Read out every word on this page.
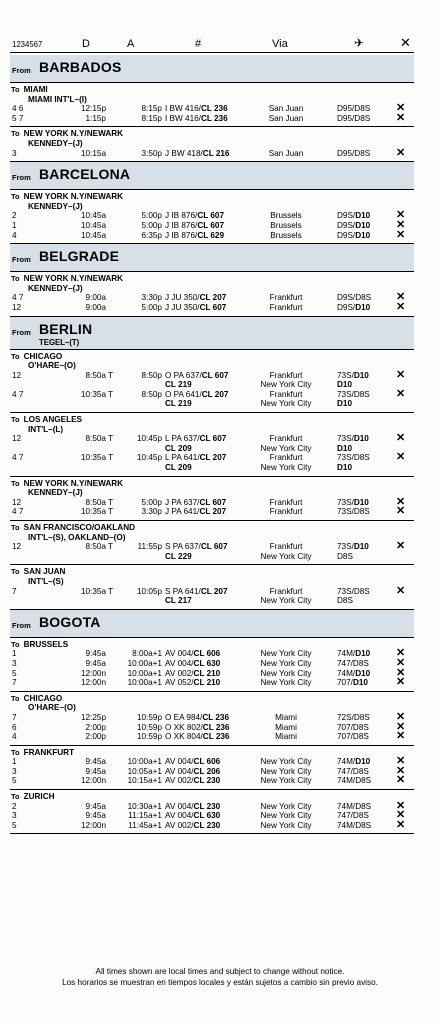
1234567	D	A	#	Via	✈	✕
From BARBADOS
To MIAMI
MIAMI INT'L–(I)
4 6	12:15p	8:15p I BW 416/CL 236	San Juan	D95/D8S ✕
5 7	1:15p	8:15p I BW 416/CL 236	San Juan	D95/D8S ✕
To NEW YORK N.Y/NEWARK
KENNEDY–(J)
3	10:15a	3:50p J BW 418/CL 216	San Juan	D95/D8S ✕
From BARCELONA
To NEW YORK N.Y/NEWARK
KENNEDY–(J)
2	10:45a	5:00p J IB 876/CL 607	Brussels	D9S/D10 ✕
1	10:45a	5:00p J IB 876/CL 607	Brussels	D9S/D10 ✕
4	10:45a	6:35p J IB 876/CL 629	Brussels	D9S/D10 ✕
From BELGRADE
To NEW YORK N.Y/NEWARK
KENNEDY–(J)
4 7	9:00a	3:30p J JU 350/CL 207	Frankfurt	D9S/D8S ✕
12	9:00a	5:00p J JU 350/CL 607	Frankfurt	D9S/D10 ✕
From BERLIN
TEGEL–(T)
To CHICAGO
O'HARE–(O)
12	8:50a T	8:50p O PA 637/CL 607	Frankfurt	73S/D10 ✕
CL 219	New York City	D10
4 7	10:35a T	8:50p O PA 641/CL 207	Frankfurt	73S/D8S ✕
CL 219	New York City	D10
To LOS ANGELES
INT'L–(L)
12	8:50a T	10:45p L PA 637/CL 607	Frankfurt	73S/D10 ✕
CL 209	New York City	D10
4 7	10:35a T	10:45p L PA 641/CL 207	Frankfurt	73S/D8S ✕
CL 209	New York City	D10
To NEW YORK N.Y/NEWARK
KENNEDY–(J)
12	8:50a T	5:00p J PA 637/CL 607	Frankfurt	73S/D10 ✕
4 7	10:35a T	3:30p J PA 641/CL 207	Frankfurt	73S/D8S ✕
To SAN FRANCISCO/OAKLAND
INT'L–(S), OAKLAND–(O)
12	8:50a T	11:55p S PA 637/CL 607	Frankfurt	73S/D10 ✕
CL 229	New York City	D8S
To SAN JUAN
INT'L–(S)
7	10:35a T	10:05p S PA 641/CL 207	Frankfurt	73S/D8S ✕
CL 217	New York City	D8S
From BOGOTA
To BRUSSELS
1	9:45a	8:00a+1 AV 004/CL 606	New York City	74M/D10 ✕
3	9:45a	10:00a+1 AV 004/CL 630	New York City	747/D8S ✕
5	12:00n	10:00a+1 AV 002/CL 210	New York City	74M/D10 ✕
7	12:00n	10:00a+1 AV 052/CL 210	New York City	707/D10	✕
To CHICAGO
O'HARE–(O)
7	12:25p	10:59p O EA 984/CL 236	Miami	72S/D8S ✕
6	2:00p	10:59p O XK 802/CL 236	Miami	707/D8S ✕
4	2:00p	10:59p O XK 804/CL 236	Miami	707/D8S ✕
To FRANKFURT
1	9:45a	10:00a+1 AV 004/CL 606	New York City	74M/D10 ✕
3	9:45a	10:05a+1 AV 004/CL 206	New York City	747/D8S ✕
5	12:00n	10:15a+1 AV 002/CL 230	New York City	74M/D8S ✕
To ZURICH
2	9:45a	10:30a+1 AV 004/CL 230	New York City	74M/D8S ✕
3	9:45a	11:15a+1 AV 004/CL 630	New York City	747/D8S ✕
5	12:00n	11:45a+1 AV 002/CL 230	New York City	74M/D8S ✕
All times shown are local times and subject to change without notice.
Los horarios se muestran en tiempos locales y están sujetos a cambio sin previo aviso.
